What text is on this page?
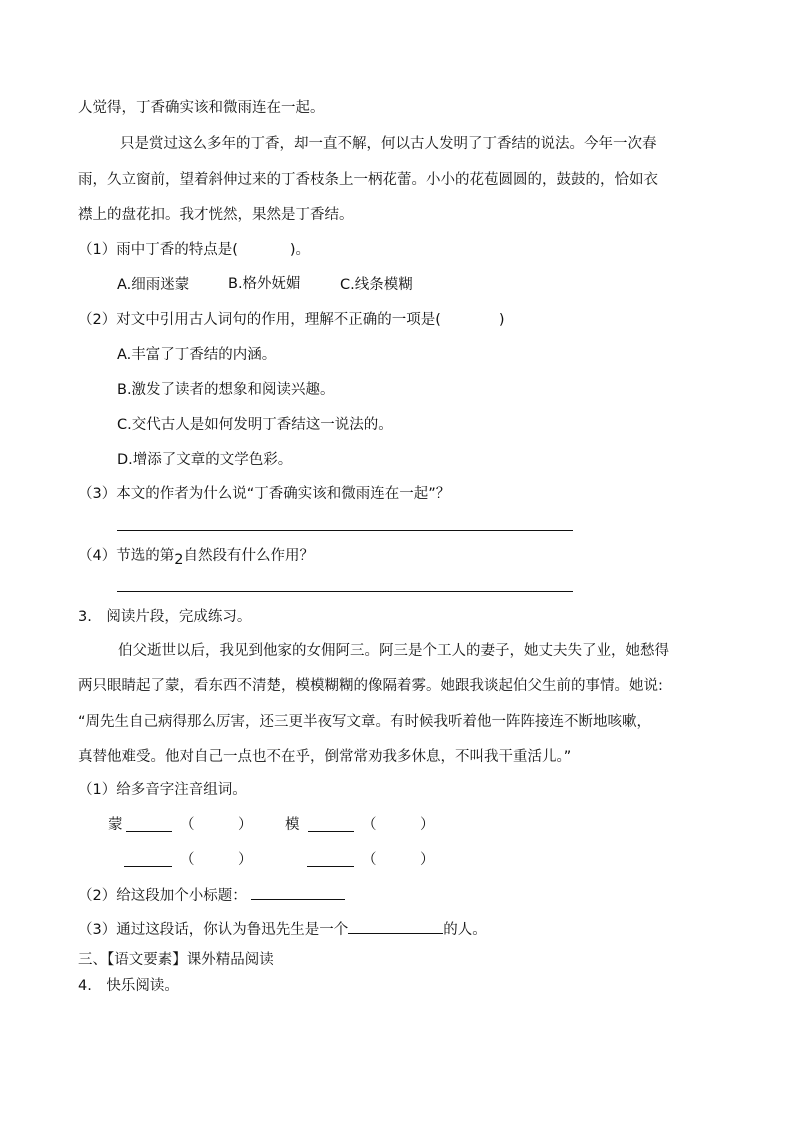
人觉得，丁香确实该和微雨连在一起。
只是赏过这么多年的丁香，却一直不解，何以古人发明了丁香结的说法。今年一次春
雨，久立窗前，望着斜伸过来的丁香枝条上一柄花蕾。小小的花苞圆圆的，鼓鼓的，恰如衣
襟上的盘花扣。我才恍然，果然是丁香结。
（1）雨中丁香的特点是(	)。
A.细雨迷蒙	B.格外妩媚	C.线条模糊
（2）对文中引用古人词句的作用，理解不正确的一项是(	)
A.丰富了丁香结的内涵。
B.激发了读者的想象和阅读兴趣。
C.交代古人是如何发明丁香结这一说法的。
D.增添了文章的文学色彩。
（3）本文的作者为什么说“丁香确实该和微雨连在一起”？
（4）节选的第2自然段有什么作用？
3.　阅读片段，完成练习。
伯父逝世以后，我见到他家的女佣阿三。阿三是个工人的妻子，她丈夫失了业，她愁得
两只眼睛起了蒙，看东西不清楚，模模糊糊的像隔着雾。她跟我谈起伯父生前的事情。她说:
“周先生自己病得那么厉害，还三更半夜写文章。有时候我听着他一阵阵接连不断地咳嗽，
真替他难受。他对自己一点也不在乎，倒常常劝我多休息，不叫我干重活儿。”
（1）给多音字注音组词。
蒙	（	） 模	（	）
（	）	（	）
（2）给这段加个小标题：
（3）通过这段话，你认为鲁迅先生是一个	的人。
三、【语文要素】课外精品阅读
4.　快乐阅读。
